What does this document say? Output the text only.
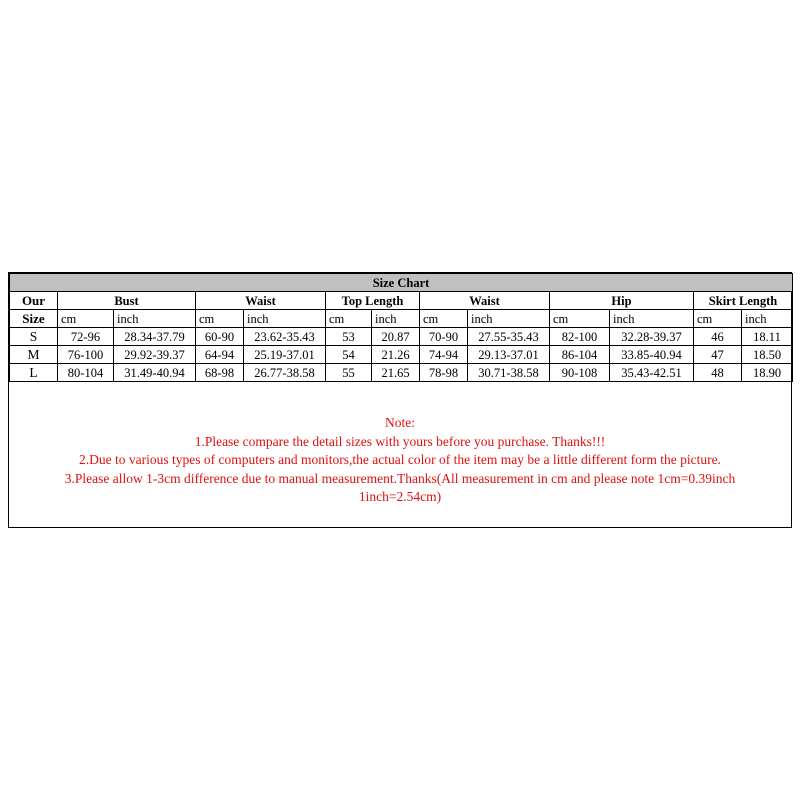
Size Chart												
Our	Bust		Waist		Top Length		Waist		Hip		Skirt Length	
Size	cm	inch	cm	inch	cm	inch	cm	inch	cm	inch	cm	inch
S	72-96	28.34-37.79	60-90	23.62-35.43	53	20.87	70-90	27.55-35.43	82-100	32.28-39.37	46	18.11
M	76-100	29.92-39.37	64-94	25.19-37.01	54	21.26	74-94	29.13-37.01	86-104	33.85-40.94	47	18.50
L	80-104	31.49-40.94	68-98	26.77-38.58	55	21.65	78-98	30.71-38.58	90-108	35.43-42.51	48	18.90
Note:
1.Please compare the detail sizes with yours before you purchase. Thanks!!!
2.Due to various types of computers and monitors,the actual color of the item may be a little different form the picture.
3.Please allow 1-3cm difference due to manual measurement.Thanks(All measurement in cm and please note 1cm=0.39inch
1inch=2.54cm)
